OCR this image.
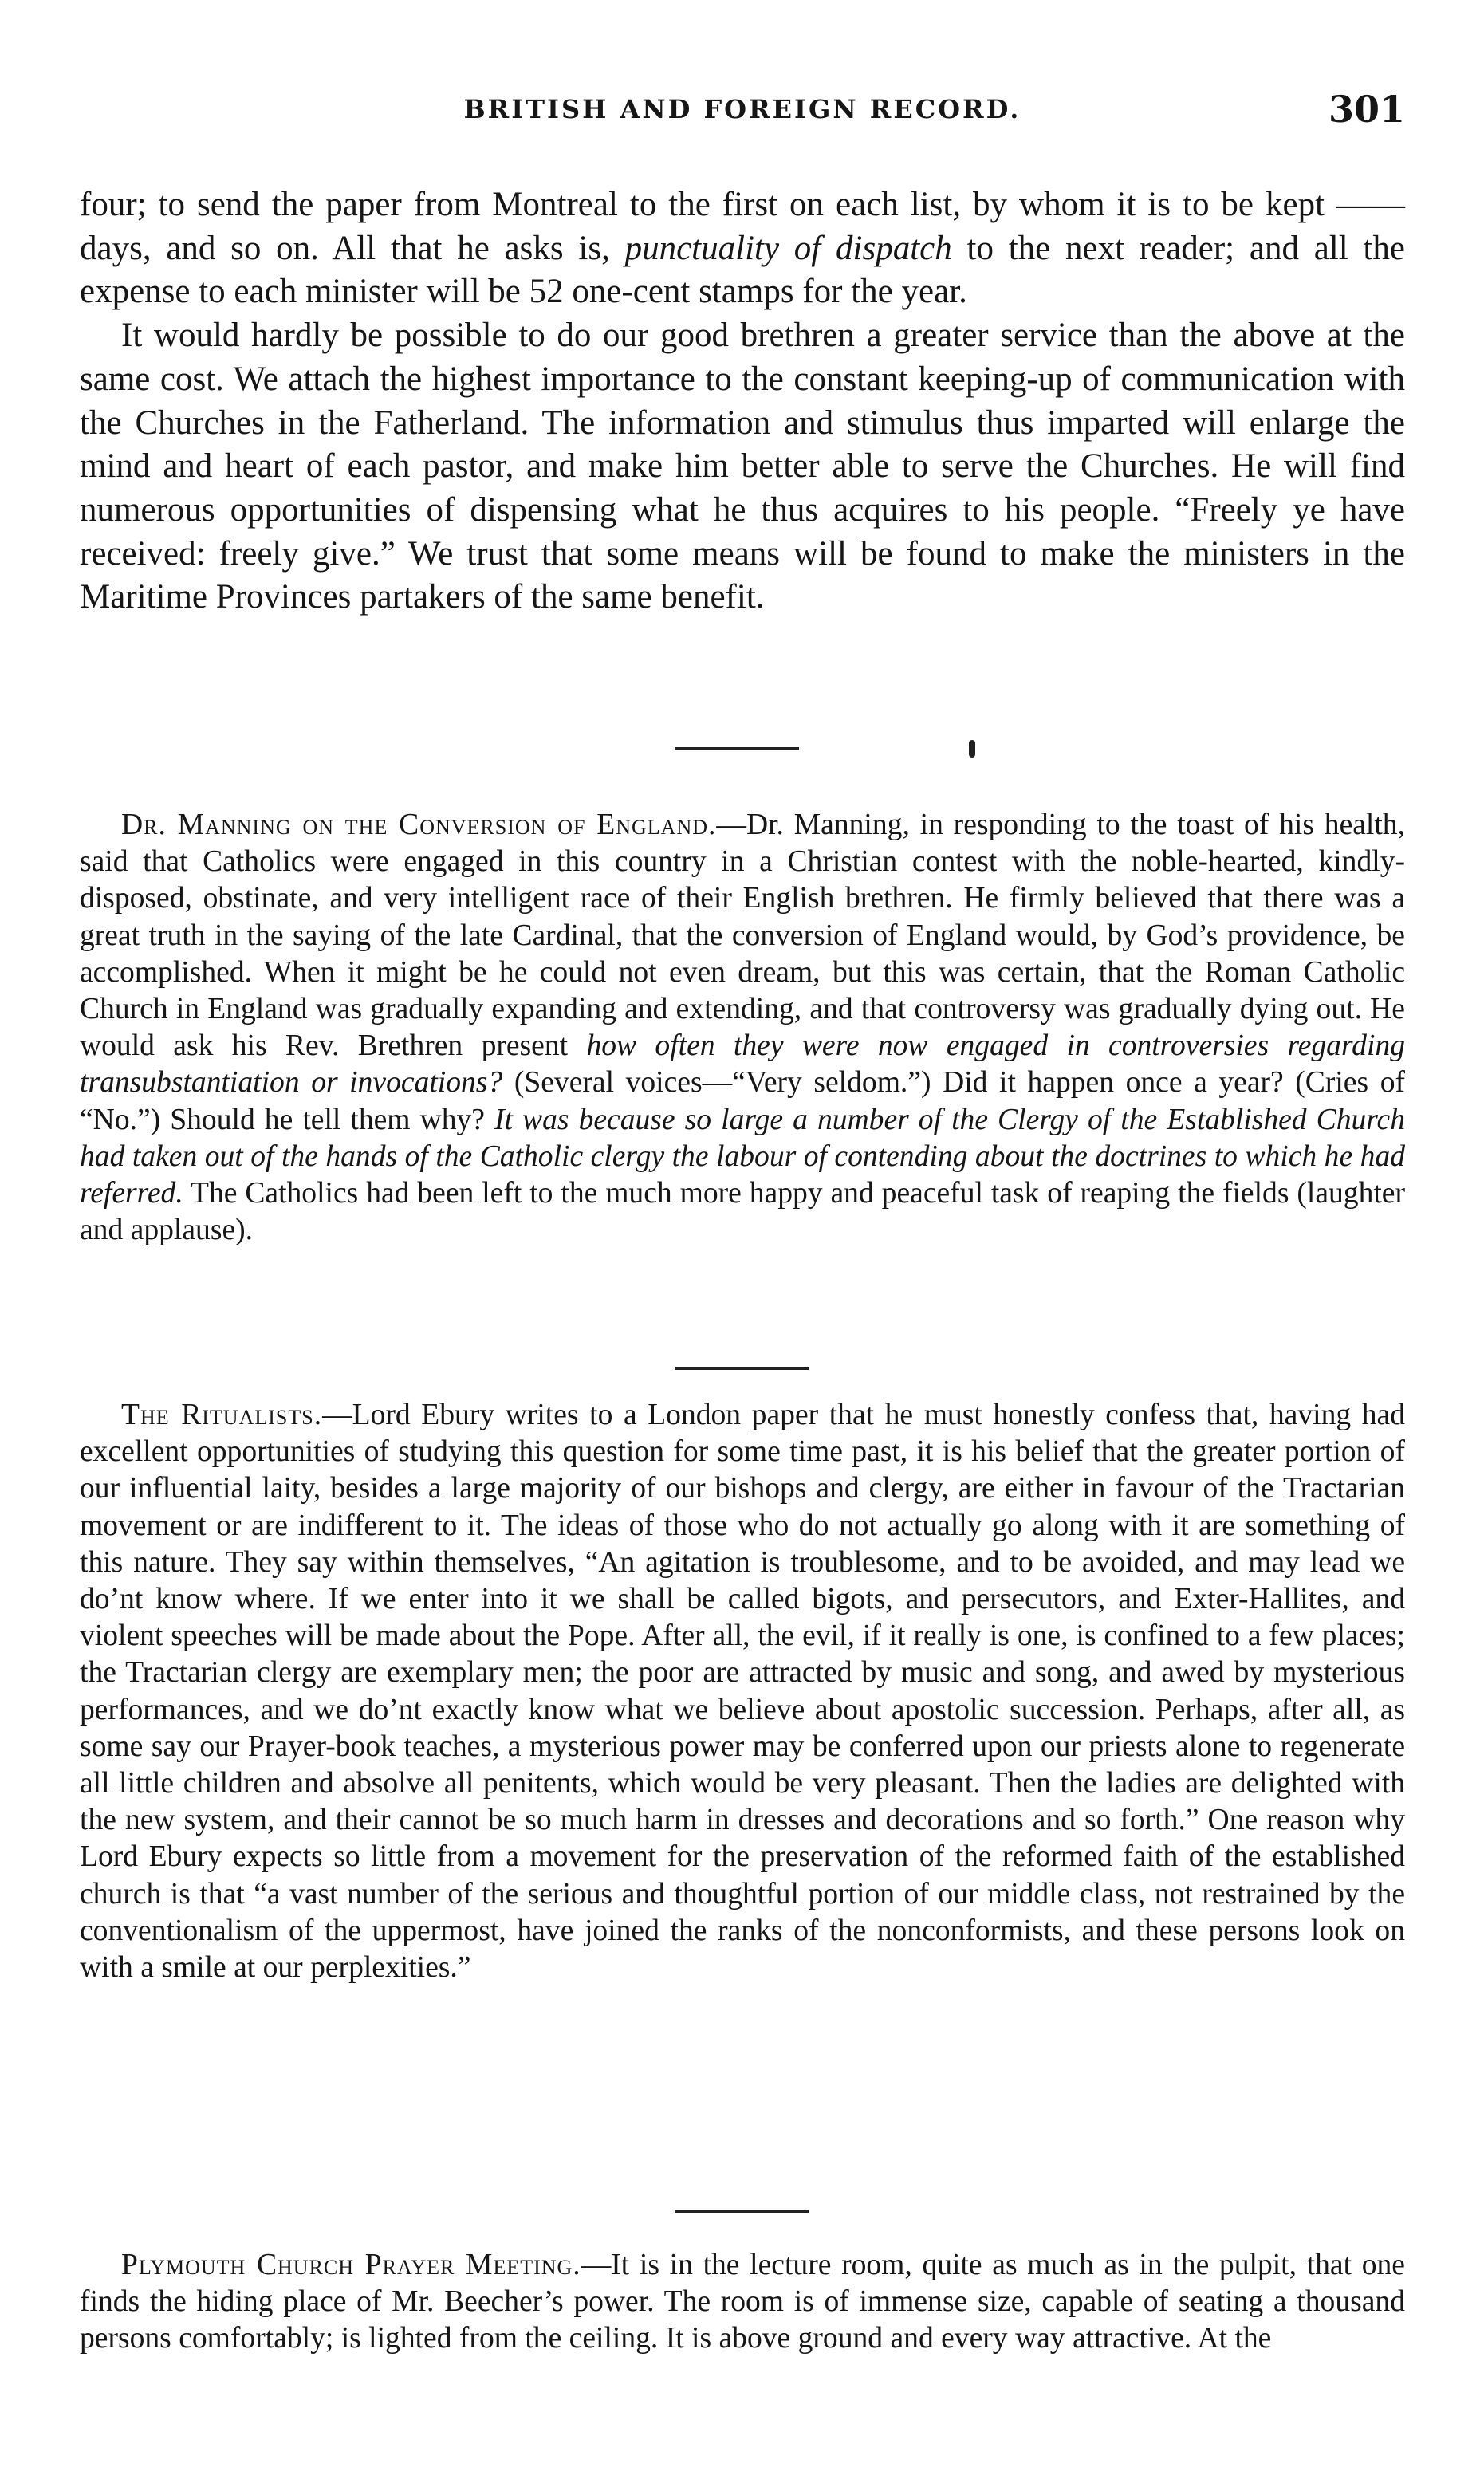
BRITISH AND FOREIGN RECORD.	301

four; to send the paper from Montreal to the first on each list, by whom it is to be kept —— days, and so on. All that he asks is, punctuality of dispatch to the next reader; and all the expense to each minister will be 52 one-cent stamps for the year.

It would hardly be possible to do our good brethren a greater service than the above at the same cost. We attach the highest importance to the constant keeping-up of communication with the Churches in the Fatherland. The information and stimulus thus imparted will enlarge the mind and heart of each pastor, and make him better able to serve the Churches. He will find numerous opportunities of dispensing what he thus acquires to his people. “Freely ye have received: freely give.” We trust that some means will be found to make the ministers in the Maritime Provinces partakers of the same benefit.

Dr. Manning on the Conversion of England.—Dr. Manning, in responding to the toast of his health, said that Catholics were engaged in this country in a Christian contest with the noble-hearted, kindly-disposed, obstinate, and very intelligent race of their English brethren. He firmly believed that there was a great truth in the saying of the late Cardinal, that the conversion of England would, by God’s providence, be accomplished. When it might be he could not even dream, but this was certain, that the Roman Catholic Church in England was gradually expanding and extending, and that controversy was gradually dying out. He would ask his Rev. Brethren present how often they were now engaged in controversies regarding transubstantiation or invocations? (Several voices—“Very seldom.”) Did it happen once a year? (Cries of “No.”) Should he tell them why? It was because so large a number of the Clergy of the Established Church had taken out of the hands of the Catholic clergy the labour of contending about the doctrines to which he had referred. The Catholics had been left to the much more happy and peaceful task of reaping the fields (laughter and applause).

The Ritualists.—Lord Ebury writes to a London paper that he must honestly confess that, having had excellent opportunities of studying this question for some time past, it is his belief that the greater portion of our influential laity, besides a large majority of our bishops and clergy, are either in favour of the Tractarian movement or are indifferent to it. The ideas of those who do not actually go along with it are something of this nature. They say within themselves, “An agitation is troublesome, and to be avoided, and may lead we do’nt know where. If we enter into it we shall be called bigots, and persecutors, and Exter-Hallites, and violent speeches will be made about the Pope. After all, the evil, if it really is one, is confined to a few places; the Tractarian clergy are exemplary men; the poor are attracted by music and song, and awed by mysterious performances, and we do’nt exactly know what we believe about apostolic succession. Perhaps, after all, as some say our Prayer-book teaches, a mysterious power may be conferred upon our priests alone to regenerate all little children and absolve all penitents, which would be very pleasant. Then the ladies are delighted with the new system, and their cannot be so much harm in dresses and decorations and so forth.” One reason why Lord Ebury expects so little from a movement for the preservation of the reformed faith of the established church is that “a vast number of the serious and thoughtful portion of our middle class, not restrained by the conventionalism of the uppermost, have joined the ranks of the nonconformists, and these persons look on with a smile at our perplexities.”

Plymouth Church Prayer Meeting.—It is in the lecture room, quite as much as in the pulpit, that one finds the hiding place of Mr. Beecher’s power. The room is of immense size, capable of seating a thousand persons comfortably; is lighted from the ceiling. It is above ground and every way attractive. At the
